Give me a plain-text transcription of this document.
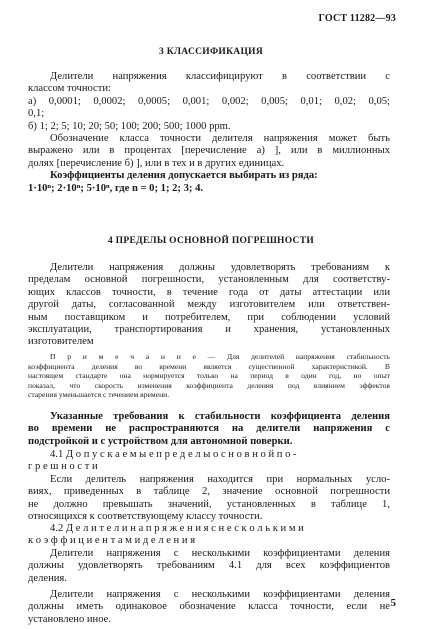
ГОСТ 11282—93
3 КЛАССИФИКАЦИЯ
Делители напряжения классифицируют в соответствии с
классом точности:
а) 0,0001; 0,0002; 0,0005; 0,001; 0,002; 0,005; 0,01; 0,02; 0,05;
0,1;
б) 1; 2; 5; 10; 20; 50; 100; 200; 500; 1000 ppm.
Обозначение класса точности делителя напряжения может быть
выражено или в процентах [перечисление а) ], или в миллионных
долях [перечисление б) ], или в тех и в других единицах.
Коэффициенты деления допускается выбирать из ряда:
1·10ⁿ; 2·10ⁿ; 5·10ⁿ, где n = 0; 1; 2; 3; 4.
4 ПРЕДЕЛЫ ОСНОВНОЙ ПОГРЕШНОСТИ
Делители напряжения должны удовлетворять требованиям к
пределам основной погрешности, установленным для соответству-
ющих классов точности, в течение года от даты аттестации или
другой даты, согласованной между изготовителем или ответствен-
ным поставщиком и потребителем, при соблюдении условий
эксплуатации, транспортирования и хранения, установленных
изготовителем
П р и м е ч а н и е — Для делителей напряжения стабильность
коэффициента деления во времени является существенной характеристикой. В
настоящем стандарте она нормируется только на период в один год, но опыт
показал, что скорость изменения коэффициента деления под влиянием эффектов
старения уменьшается с течением времени.
Указанные требования к стабильности коэффициента деления
во времени не распространяются на делители напряжения с
подстройкой и с устройством для автономной поверки.
4.1 Д о п у с к а е м ы е п р е д е л ы о с н о в н о й п о -
г р е ш н о с т и
Если делитель напряжения находится при нормальных усло-
виях, приведенных в таблице 2, значение основной погрешности
не должно превышать значений, установленных в таблице 1,
относящихся к соответствующему классу точности.
4.2 Д е л и т е л и н а п р я ж е н и я с н е с к о л ь к и м и
к о э ф ф и ц и е н т а м и д е л е н и я
Делители напряжения с несколькими коэффициентами деления
должны удовлетворять требованиям 4.1 для всех коэффициентов
деления.
Делители напряжения с несколькими коэффициентами деления
должны иметь одинаковое обозначение класса точности, если не
установлено иное.
5
